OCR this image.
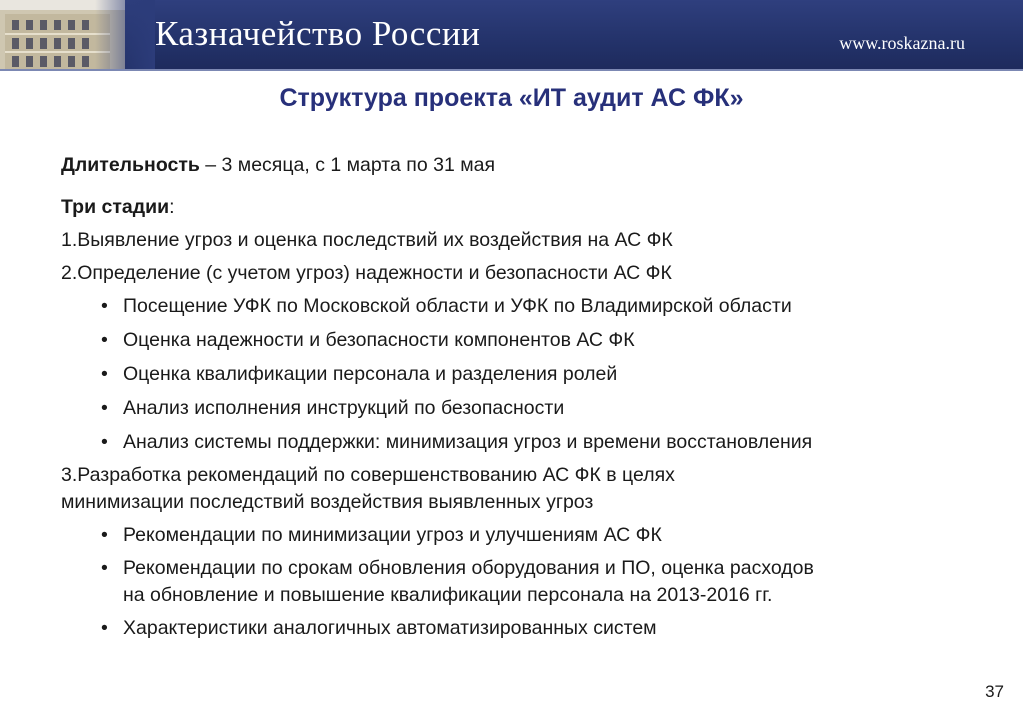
Казначейство России	www.roskazna.ru
Структура проекта «ИТ аудит АС ФК»

Длительность – 3 месяца, с 1 марта по 31 мая

Три стадии:

1.Выявление угроз и оценка последствий их воздействия на АС ФК

2.Определение (с учетом угроз) надежности и безопасности АС ФК

• Посещение УФК по Московской области и УФК по Владимирской области

• Оценка надежности и безопасности компонентов АС ФК

• Оценка квалификации персонала и разделения ролей

• Анализ исполнения инструкций по безопасности

• Анализ системы поддержки: минимизация угроз и времени восстановления

3.Разработка рекомендаций по совершенствованию АС ФК в целях

минимизации последствий воздействия выявленных угроз

• Рекомендации по минимизации угроз и улучшениям АС ФК

• Рекомендации по срокам обновления оборудования и ПО, оценка расходов

на обновление и повышение квалификации персонала на 2013-2016 гг.

• Характеристики аналогичных автоматизированных систем

37
